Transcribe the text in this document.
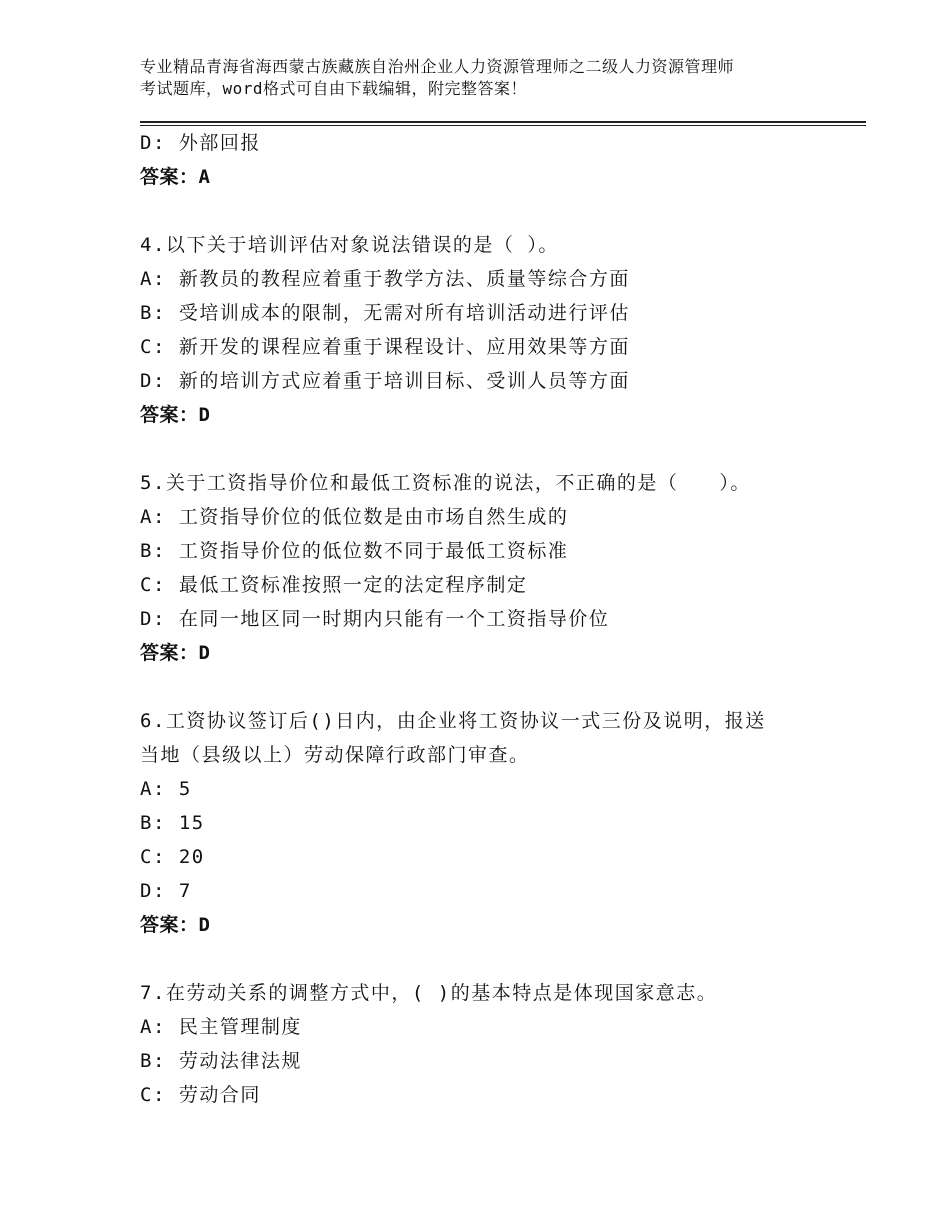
专业精品青海省海西蒙古族藏族自治州企业人力资源管理师之二级人力资源管理师
考试题库，word格式可自由下载编辑，附完整答案！
D: 外部回报
答案：A
4.以下关于培训评估对象说法错误的是（ ）。
A: 新教员的教程应着重于教学方法、质量等综合方面
B: 受培训成本的限制，无需对所有培训活动进行评估
C: 新开发的课程应着重于课程设计、应用效果等方面
D: 新的培训方式应着重于培训目标、受训人员等方面
答案：D
5.关于工资指导价位和最低工资标准的说法，不正确的是（　　）。
A: 工资指导价位的低位数是由市场自然生成的
B: 工资指导价位的低位数不同于最低工资标准
C: 最低工资标准按照一定的法定程序制定
D: 在同一地区同一时期内只能有一个工资指导价位
答案：D
6.工资协议签订后()日内，由企业将工资协议一式三份及说明，报送
当地（县级以上）劳动保障行政部门审查。
A: 5
B: 15
C: 20
D: 7
答案：D
7.在劳动关系的调整方式中，( )的基本特点是体现国家意志。
A: 民主管理制度
B: 劳动法律法规
C: 劳动合同
